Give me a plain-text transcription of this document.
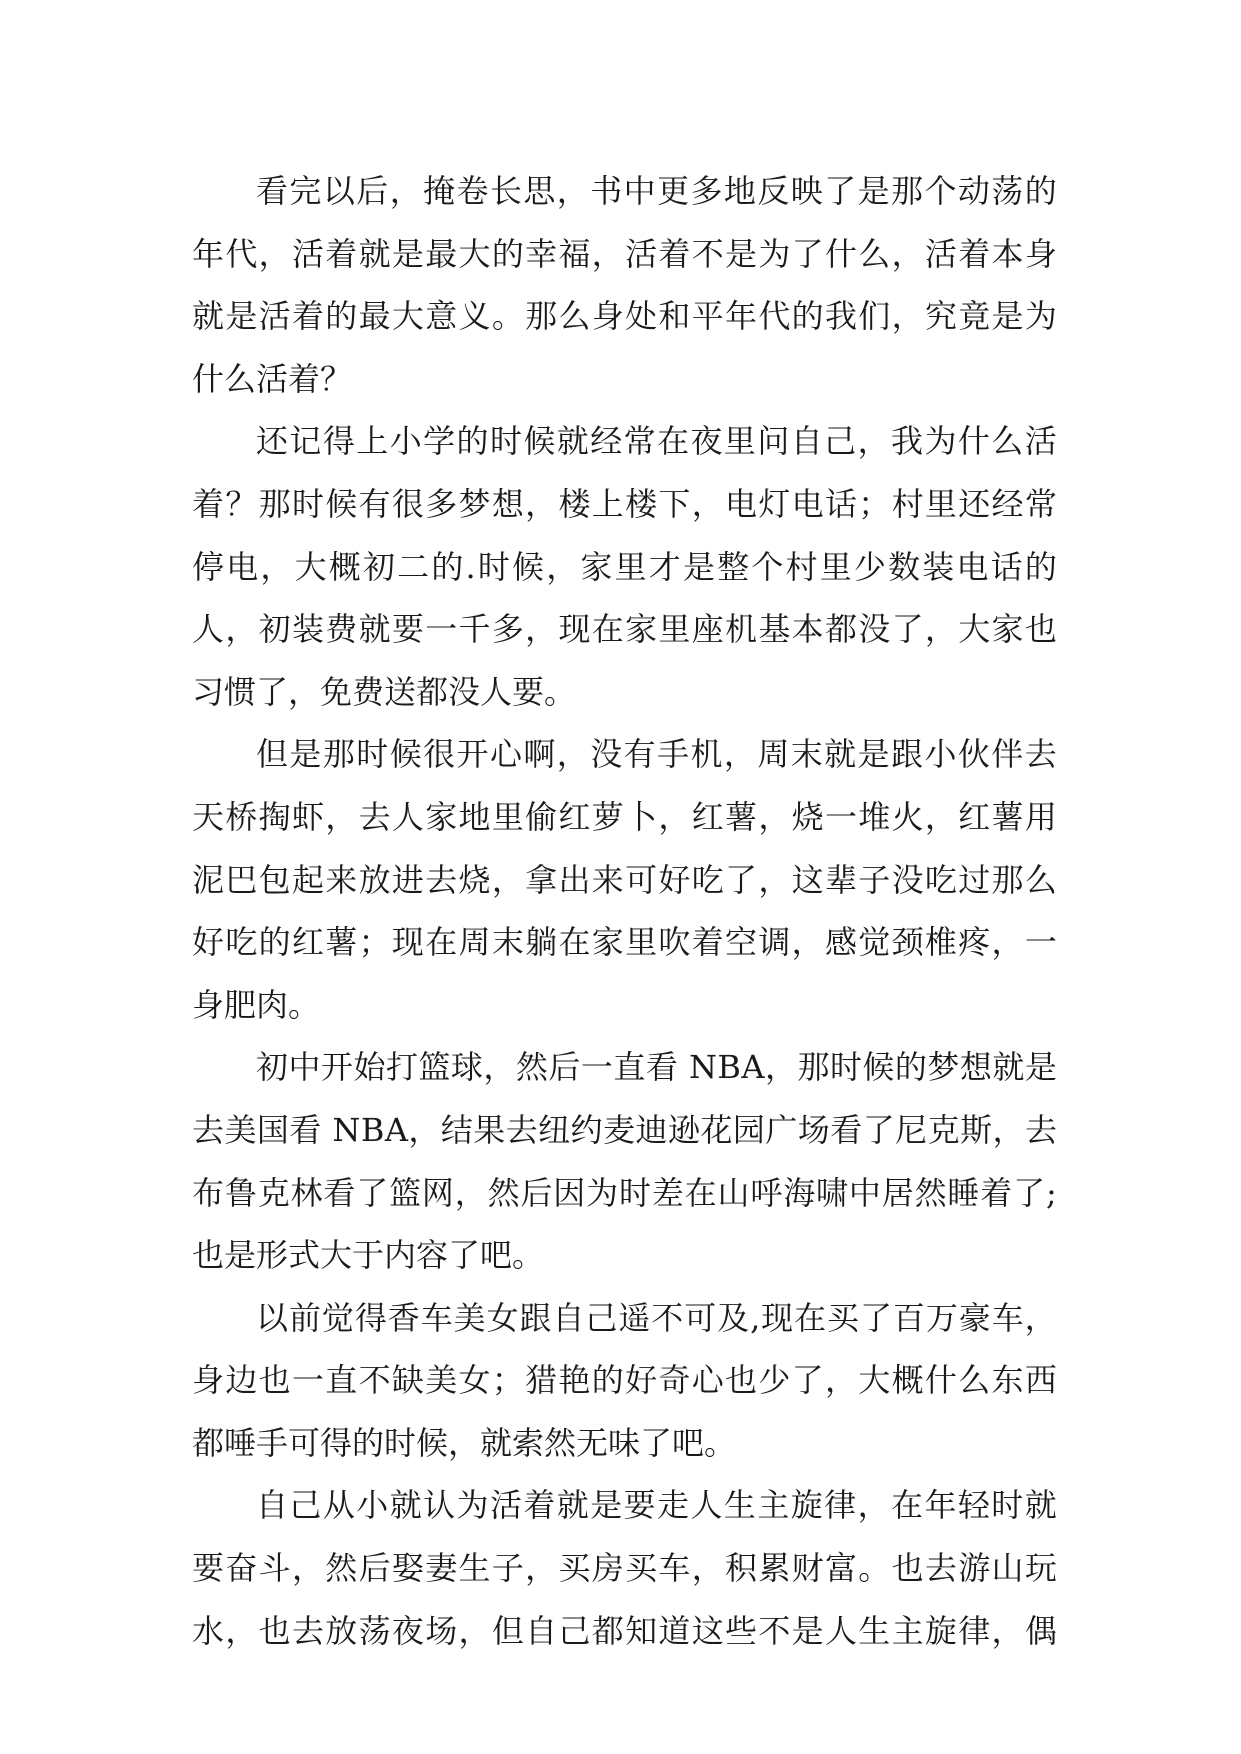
看 完 以 后 ， 掩 卷 长 思 ， 书 中 更 多 地 反 映 了 是 那 个 动 荡 的
年 代 ， 活 着 就 是 最 大 的 幸 福 ， 活 着 不 是 为 了 什 么 ， 活 着 本 身
就 是 活 着 的 最 大 意 义 。 那 么 身 处 和 平 年 代 的 我 们 ， 究 竟 是 为
什么活着？
还 记 得 上 小 学 的 时 候 就 经 常 在 夜 里 问 自 己 ， 我 为 什 么 活
着 ？ 那 时 候 有 很 多 梦 想 ， 楼 上 楼 下 ， 电 灯 电 话 ； 村 里 还 经 常
停 电 ， 大 概 初 二 的 . 时 候 ， 家 里 才 是 整 个 村 里 少 数 装 电 话 的
人 ， 初 装 费 就 要 一 千 多 ， 现 在 家 里 座 机 基 本 都 没 了 ， 大 家 也
习惯了，免费送都没人要。
但 是 那 时 候 很 开 心 啊 ， 没 有 手 机 ， 周 末 就 是 跟 小 伙 伴 去
天 桥 掏 虾 ， 去 人 家 地 里 偷 红 萝 卜 ， 红 薯 ， 烧 一 堆 火 ， 红 薯 用
泥 巴 包 起 来 放 进 去 烧 ， 拿 出 来 可 好 吃 了 ， 这 辈 子 没 吃 过 那 么
好 吃 的 红 薯 ； 现 在 周 末 躺 在 家 里 吹 着 空 调 ， 感 觉 颈 椎 疼 ， 一
身肥肉。
初 中 开 始 打 篮 球 ， 然 后 一 直 看
N B A ， 那 时 候 的 梦 想 就 是
去 美 国 看
N B A ， 结 果 去 纽 约 麦 迪 逊 花 园 广 场 看 了 尼 克 斯 ， 去
布 鲁 克 林 看 了 篮 网 ， 然 后 因 为 时 差 在 山 呼 海 啸 中 居 然 睡 着 了 ;
也是形式大于内容了吧。
以 前 觉 得 香 车 美 女 跟 自 己 遥 不 可 及 , 现 在 买 了 百 万 豪 车 ，
身 边 也 一 直 不 缺 美 女 ； 猎 艳 的 好 奇 心 也 少 了 ， 大 概 什 么 东 西
都唾手可得的时候，就索然无味了吧。
自 己 从 小 就 认 为 活 着 就 是 要 走 人 生 主 旋 律 ， 在 年 轻 时 就
要 奋 斗 ， 然 后 娶 妻 生 子 ， 买 房 买 车 ， 积 累 财 富 。 也 去 游 山 玩
水 ， 也 去 放 荡 夜 场 ， 但 自 己 都 知 道 这 些 不 是 人 生 主 旋 律 ， 偶
